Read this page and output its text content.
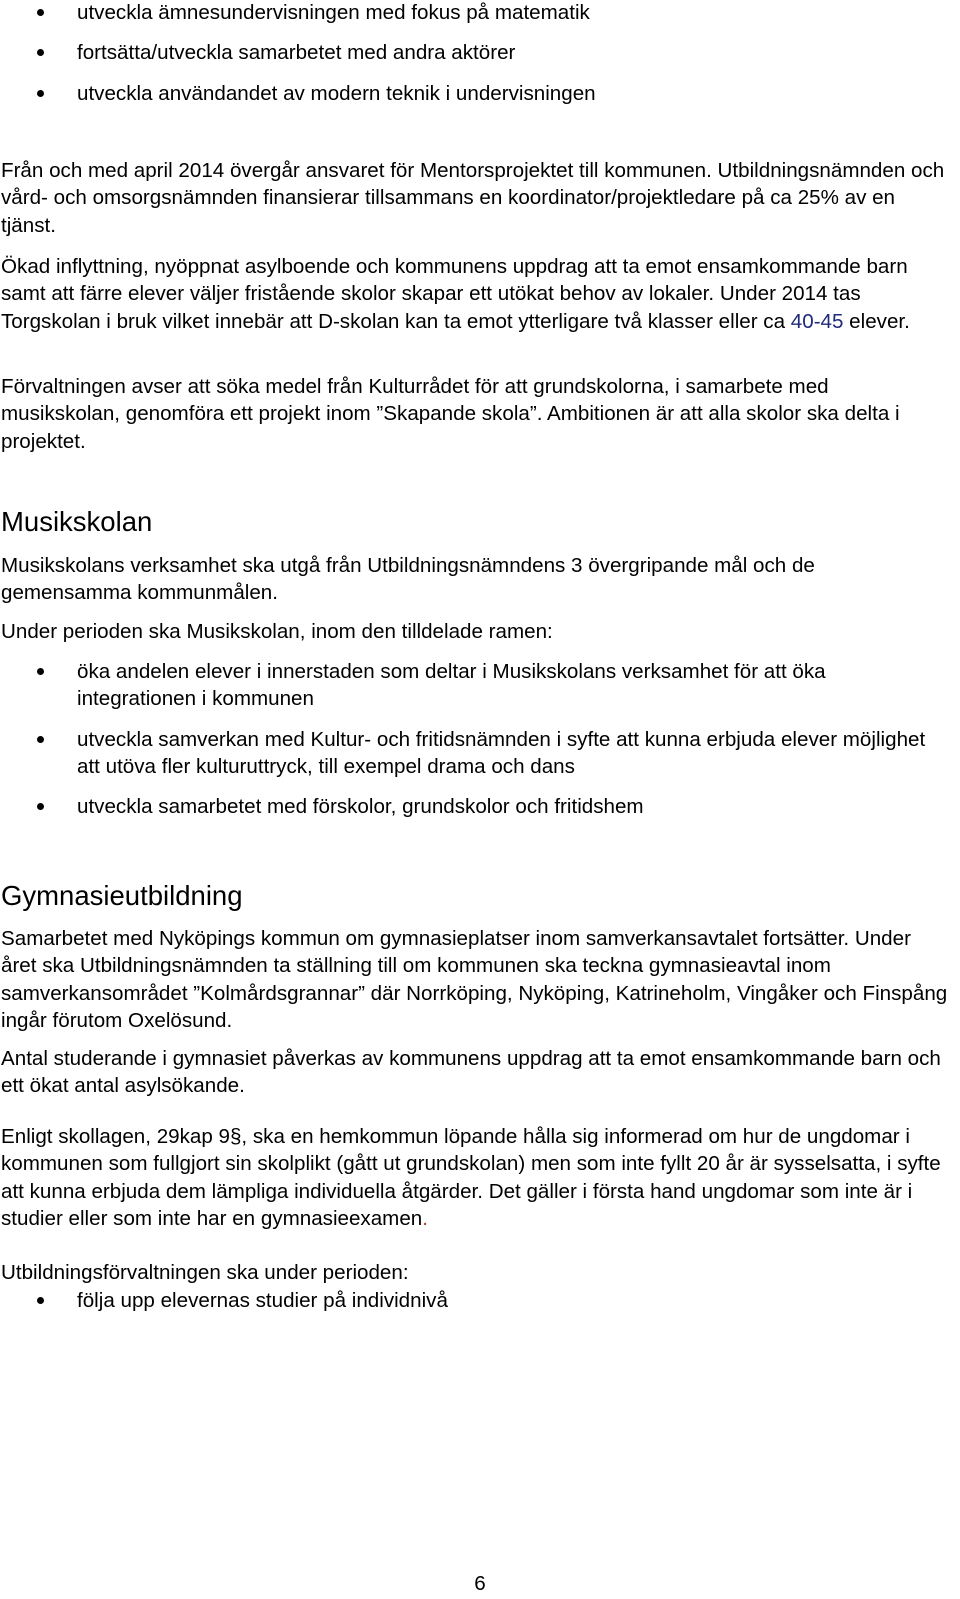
utveckla ämnesundervisningen med fokus på matematik
fortsätta/utveckla samarbetet med andra aktörer
utveckla användandet av modern teknik i undervisningen

Från och med april 2014 övergår ansvaret för Mentorsprojektet till kommunen. Utbildningsnämnden och vård- och omsorgsnämnden finansierar tillsammans en koordinator/projektledare på ca 25% av en tjänst.

Ökad inflyttning, nyöppnat asylboende och kommunens uppdrag att ta emot ensamkommande barn samt att färre elever väljer fristående skolor skapar ett utökat behov av lokaler. Under 2014 tas Torgskolan i bruk vilket innebär att D-skolan kan ta emot ytterligare två klasser eller ca 40-45 elever.

Förvaltningen avser att söka medel från Kulturrådet för att grundskolorna, i samarbete med musikskolan, genomföra ett projekt inom ”Skapande skola”. Ambitionen är att alla skolor ska delta i projektet.

Musikskolan

Musikskolans verksamhet ska utgå från Utbildningsnämndens 3 övergripande mål och de gemensamma kommunmålen.

Under perioden ska Musikskolan, inom den tilldelade ramen:

öka andelen elever i innerstaden som deltar i Musikskolans verksamhet för att öka integrationen i kommunen
utveckla samverkan med Kultur- och fritidsnämnden i syfte att kunna erbjuda elever möjlighet att utöva fler kulturuttryck, till exempel drama och dans
utveckla samarbetet med förskolor, grundskolor och fritidshem
Gymnasieutbildning

Samarbetet med Nyköpings kommun om gymnasieplatser inom samverkansavtalet fortsätter. Under året ska Utbildningsnämnden ta ställning till om kommunen ska teckna gymnasieavtal inom samverkansområdet ”Kolmårdsgrannar” där Norrköping, Nyköping, Katrineholm, Vingåker och Finspång ingår förutom Oxelösund.

Antal studerande i gymnasiet påverkas av kommunens uppdrag att ta emot ensamkommande barn och ett ökat antal asylsökande.

Enligt skollagen, 29kap 9§, ska en hemkommun löpande hålla sig informerad om hur de ungdomar i kommunen som fullgjort sin skolplikt (gått ut grundskolan) men som inte fyllt 20 år är sysselsatta, i syfte att kunna erbjuda dem lämpliga individuella åtgärder. Det gäller i första hand ungdomar som inte är i studier eller som inte har en gymnasieexamen.

Utbildningsförvaltningen ska under perioden:

följa upp elevernas studier på individnivå
6
